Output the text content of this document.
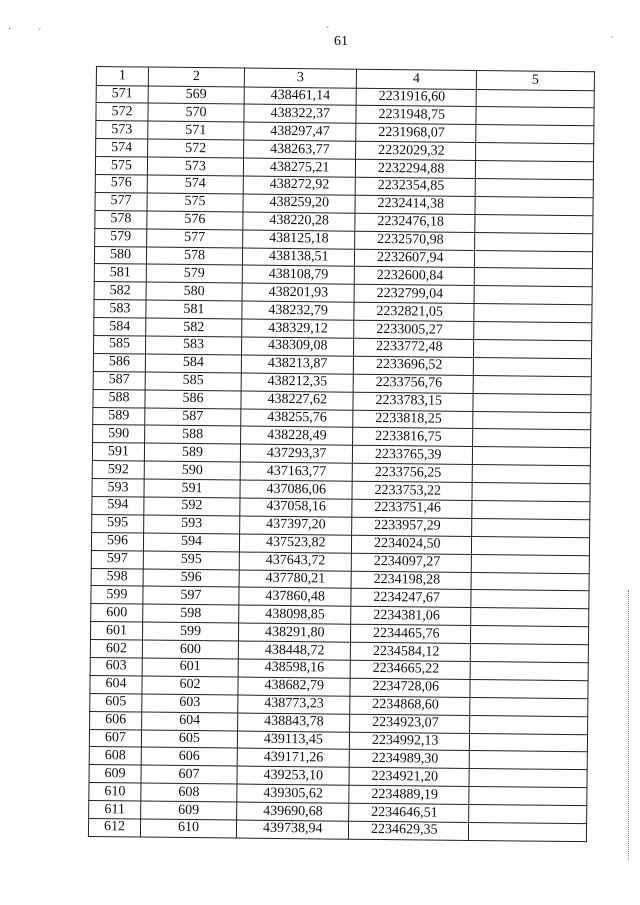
61
·	´	´
´
1	2	3	4	5
571	569	438461,14	2231916,60	
572	570	438322,37	2231948,75	
573	571	438297,47	2231968,07	
574	572	438263,77	2232029,32	
575	573	438275,21	2232294,88	
576	574	438272,92	2232354,85	
577	575	438259,20	2232414,38	
578	576	438220,28	2232476,18	
579	577	438125,18	2232570,98	
580	578	438138,51	2232607,94	
581	579	438108,79	2232600,84	
582	580	438201,93	2232799,04	
583	581	438232,79	2232821,05	
584	582	438329,12	2233005,27	
585	583	438309,08	2233772,48	
586	584	438213,87	2233696,52	
587	585	438212,35	2233756,76	
588	586	438227,62	2233783,15	
589	587	438255,76	2233818,25	
590	588	438228,49	2233816,75	
591	589	437293,37	2233765,39	
592	590	437163,77	2233756,25	
593	591	437086,06	2233753,22	
594	592	437058,16	2233751,46	
595	593	437397,20	2233957,29	
596	594	437523,82	2234024,50	
597	595	437643,72	2234097,27	
598	596	437780,21	2234198,28	
599	597	437860,48	2234247,67	
600	598	438098,85	2234381,06	
601	599	438291,80	2234465,76	
602	600	438448,72	2234584,12	
603	601	438598,16	2234665,22	
604	602	438682,79	2234728,06	
605	603	438773,23	2234868,60	
606	604	438843,78	2234923,07	
607	605	439113,45	2234992,13	
608	606	439171,26	2234989,30	
609	607	439253,10	2234921,20	
610	608	439305,62	2234889,19	
611	609	439690,68	2234646,51	
612	610	439738,94	2234629,35	
